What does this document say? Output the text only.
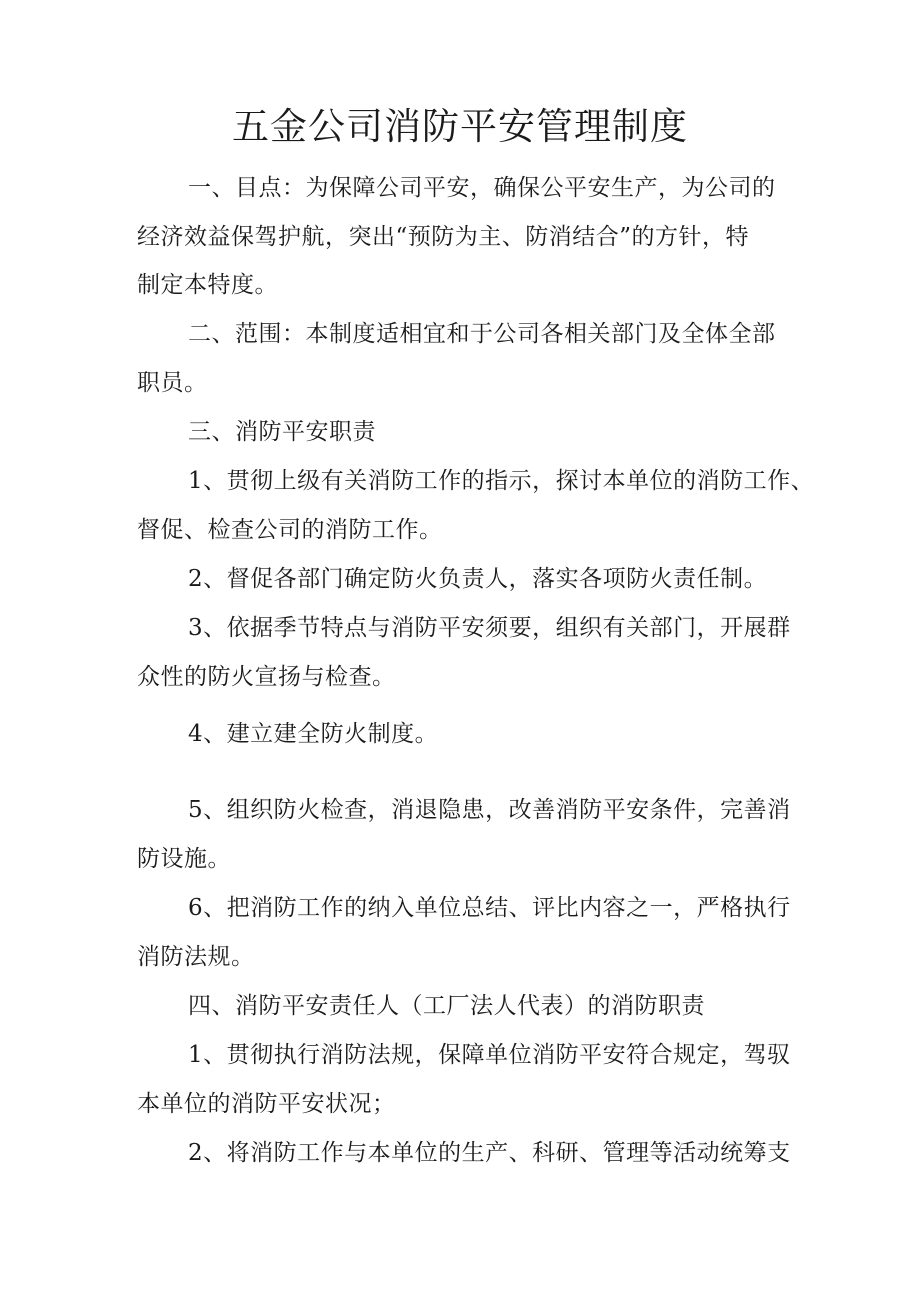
五金公司消防平安管理制度
一、目点：为保障公司平安，确保公平安生产，为公司的
经济效益保驾护航，突出“预防为主、防消结合”的方针，特
制定本特度。
二、范围：本制度适相宜和于公司各相关部门及全体全部
职员。
三、消防平安职责
1、贯彻上级有关消防工作的指示，探讨本单位的消防工作、
督促、检查公司的消防工作。
2、督促各部门确定防火负责人，落实各项防火责任制。
3、依据季节特点与消防平安须要，组织有关部门，开展群
众性的防火宣扬与检查。
4、建立建全防火制度。
5、组织防火检查，消退隐患，改善消防平安条件，完善消
防设施。
6、把消防工作的纳入单位总结、评比内容之一，严格执行
消防法规。
四、消防平安责任人（工厂法人代表）的消防职责
1、贯彻执行消防法规，保障单位消防平安符合规定，驾驭
本单位的消防平安状况；
2、将消防工作与本单位的生产、科研、管理等活动统筹支
